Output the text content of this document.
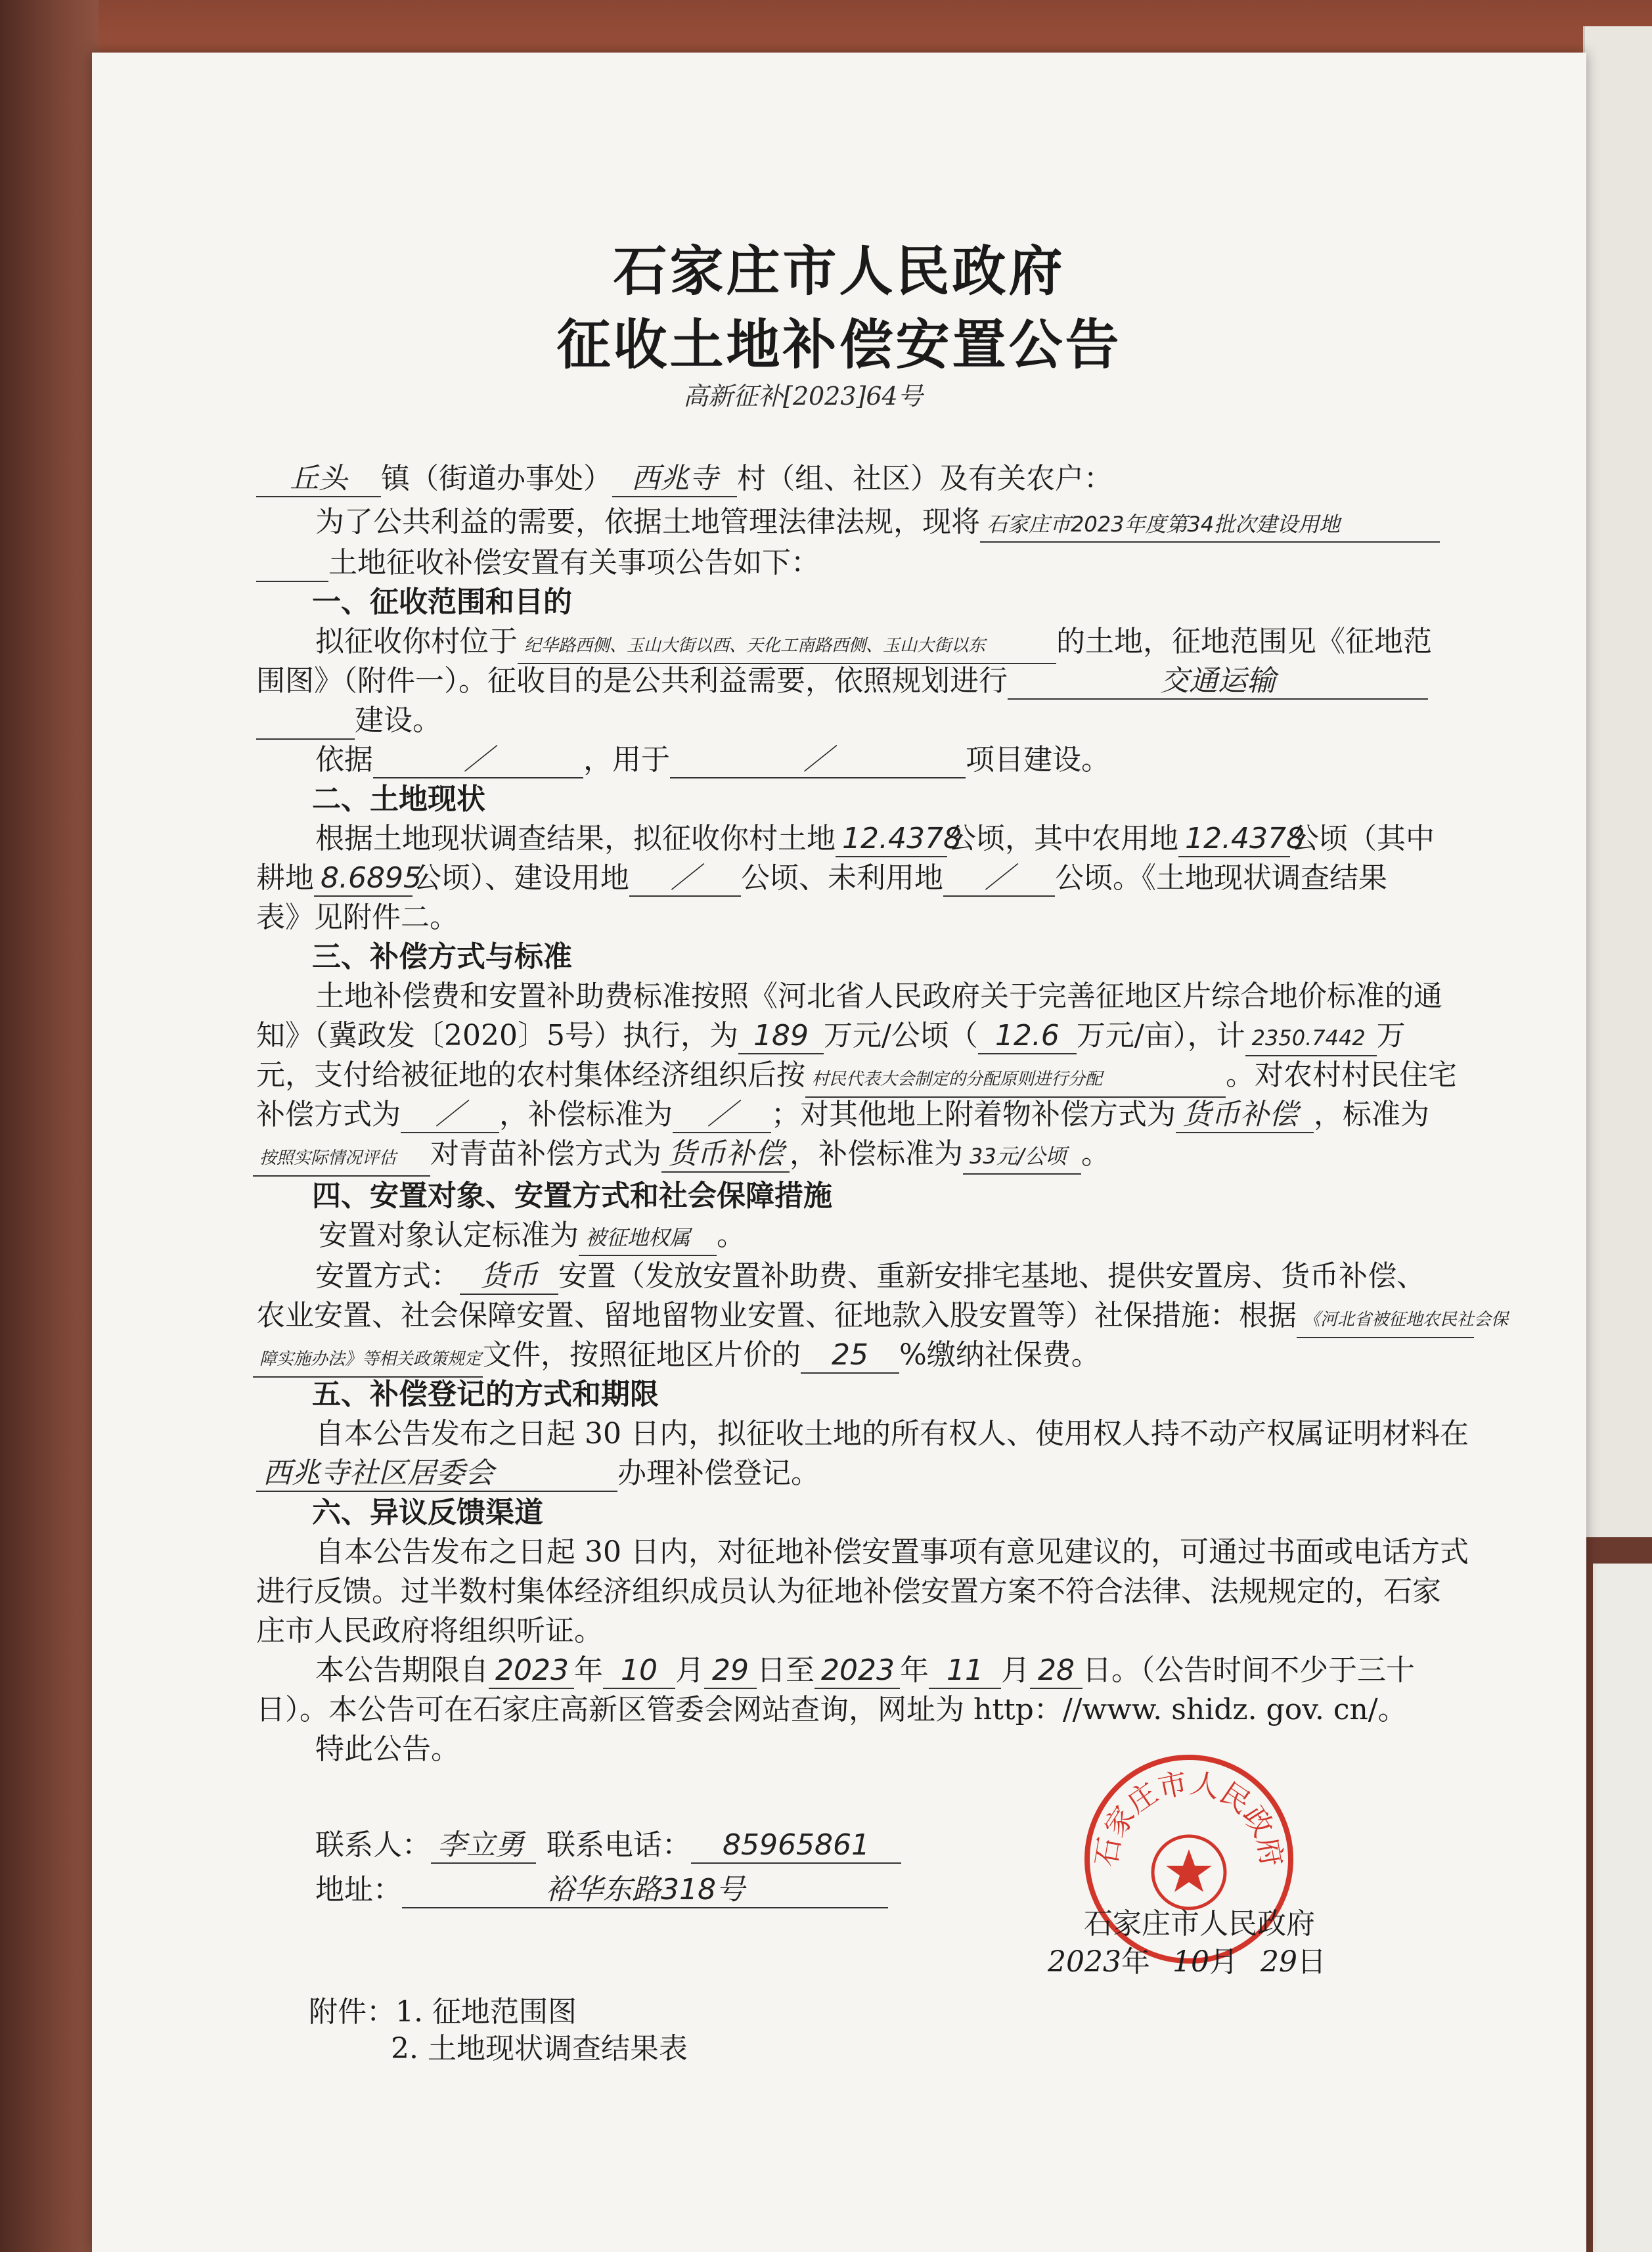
石家庄市人民政府
征收土地补偿安置公告
高新征补[2023]64号
丘头 镇（街道办事处） 西兆寺 村（组、社区）及有关农户：
为了公共利益的需要，依据土地管理法律法规，现将 石家庄市2023年度第34批次建设用地
土地征收补偿安置有关事项公告如下：
一、征收范围和目的
拟征收你村位于 纪华路西侧、玉山大街以西、天化工南路西侧、玉山大街以东 的土地，征地范围见《征地范
围图》（附件一）。征收目的是公共利益需要，依照规划进行	交通运输
建设。
依据	／	，用于	／	项目建设。
二、土地现状
根据土地现状调查结果，拟征收你村土地 12.4378公顷，其中农用地 12.4378公顷（其中
耕地 8.6895公顷）、建设用地 ／ 公顷、未利用地 ／ 公顷。《土地现状调查结果
表》见附件二。
三、补偿方式与标准
土地补偿费和安置补助费标准按照《河北省人民政府关于完善征地区片综合地价标准的通
知》（冀政发〔2020〕5号）执行，为 189 万元/公顷（ 12.6 万元/亩），计 2350.7442 万
元，支付给被征地的农村集体经济组织后按 村民代表大会制定的分配原则进行分配	。对农村村民住宅
补偿方式为 ／ ，补偿标准为 ／ ；对其他地上附着物补偿方式为 货币补偿 ，标准为
按照实际情况评估 对青苗补偿方式为 货币补偿 ，补偿标准为 33元/公顷 。
四、安置对象、安置方式和社会保障措施
安置对象认定标准为 被征地权属 。
安置方式： 货币 安置（发放安置补助费、重新安排宅基地、提供安置房、货币补偿、
农业安置、社会保障安置、留地留物业安置、征地款入股安置等）社保措施：根据 《河北省被征地农民社会保
障实施办法》等相关政策规定文件，按照征地区片价的 25 %缴纳社保费。
五、补偿登记的方式和期限
自本公告发布之日起 30 日内，拟征收土地的所有权人、使用权人持不动产权属证明材料在
西兆寺社区居委会	办理补偿登记。
六、异议反馈渠道
自本公告发布之日起 30 日内，对征地补偿安置事项有意见建议的，可通过书面或电话方式
进行反馈。过半数村集体经济组织成员认为征地补偿安置方案不符合法律、法规规定的，石家
庄市人民政府将组织听证。
本公告期限自 2023 年 10 月 29 日至 2023 年 11 月 28 日。（公告时间不少于三十
日）。本公告可在石家庄高新区管委会网站查询，网址为 http：//www. shidz. gov. cn/。
特此公告。
联系人： 李立勇 联系电话： 85965861
地址：	裕华东路318号
石家庄市人民政府
石家庄市人民政府
2023年 10月 29日
附件：1. 征地范围图
2. 土地现状调查结果表
